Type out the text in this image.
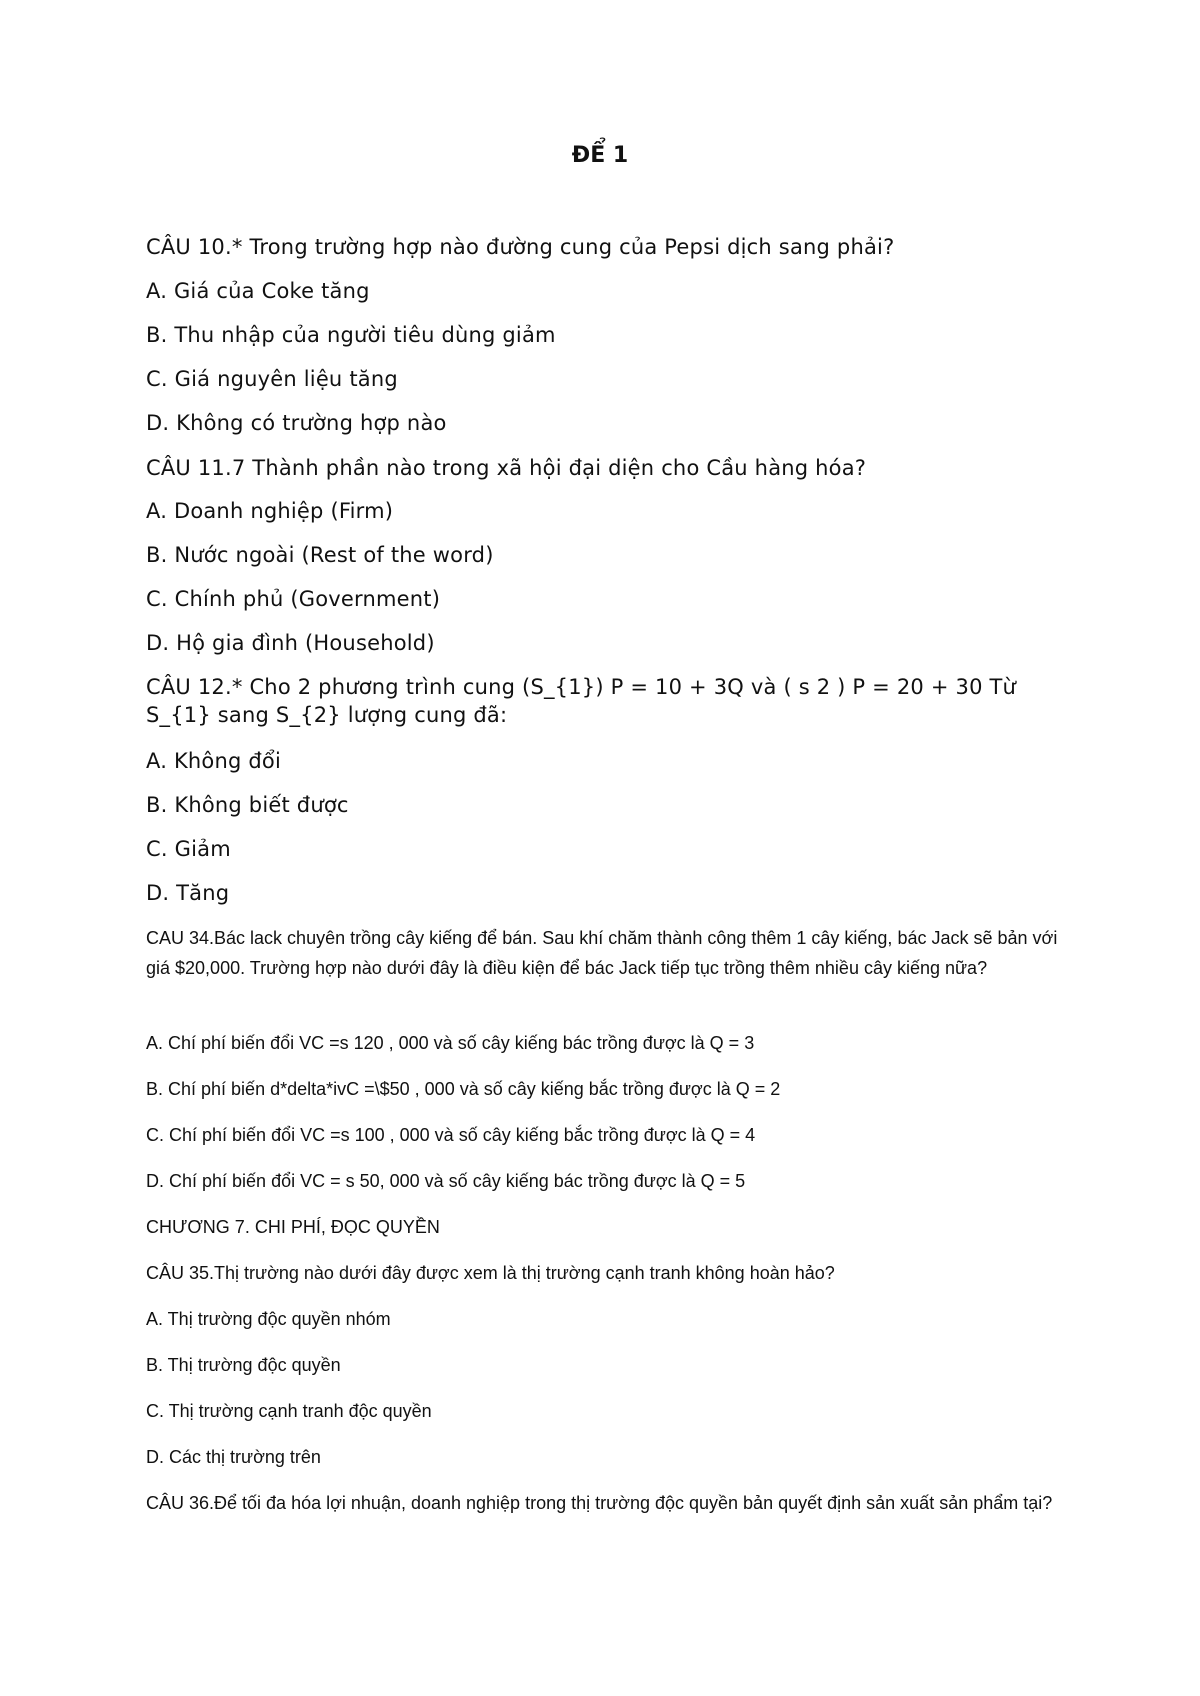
ĐỂ 1

CÂU 10.* Trong trường hợp nào đường cung của Pepsi dịch sang phải?

A. Giá của Coke tăng

B. Thu nhập của người tiêu dùng giảm

C. Giá nguyên liệu tăng

D. Không có trường hợp nào

CÂU 11.7 Thành phần nào trong xã hội đại diện cho Cầu hàng hóa?

A. Doanh nghiệp (Firm)

B. Nước ngoài (Rest of the word)

C. Chính phủ (Government)

D. Hộ gia đình (Household)

CÂU 12.* Cho 2 phương trình cung (S_{1}) P = 10 + 3Q và ( s 2 ) P = 20 + 30 Từ S_{1} sang S_{2} lượng cung đã:

A. Không đổi

B. Không biết được

C. Giảm

D. Tăng

CAU 34.Bác lack chuyên trồng cây kiếng để bán. Sau khí chăm thành công thêm 1 cây kiếng, bác Jack sẽ bản với giá $20,000. Trường hợp nào dưới đây là điều kiện để bác Jack tiếp tục trồng thêm nhiều cây kiếng nữa?

A. Chí phí biến đổi VC =s 120 , 000 và số cây kiếng bác trồng được là Q = 3

B. Chí phí biến d*delta*ivC =\$50 , 000 và số cây kiếng bắc trồng được là Q = 2

C. Chí phí biến đổi VC =s 100 , 000 và số cây kiếng bắc trồng được là Q = 4

D. Chí phí biến đổi VC = s 50, 000 và số cây kiếng bác trồng được là Q = 5

CHƯƠNG 7. CHI PHÍ, ĐỌC QUYỀN

CÂU 35.Thị trường nào dưới đây được xem là thị trường cạnh tranh không hoàn hảo?

A. Thị trường độc quyền nhóm

B. Thị trường độc quyền

C. Thị trường cạnh tranh độc quyền

D. Các thị trường trên

CÂU 36.Để tối đa hóa lợi nhuận, doanh nghiệp trong thị trường độc quyền bản quyết định sản xuất sản phẩm tại?
